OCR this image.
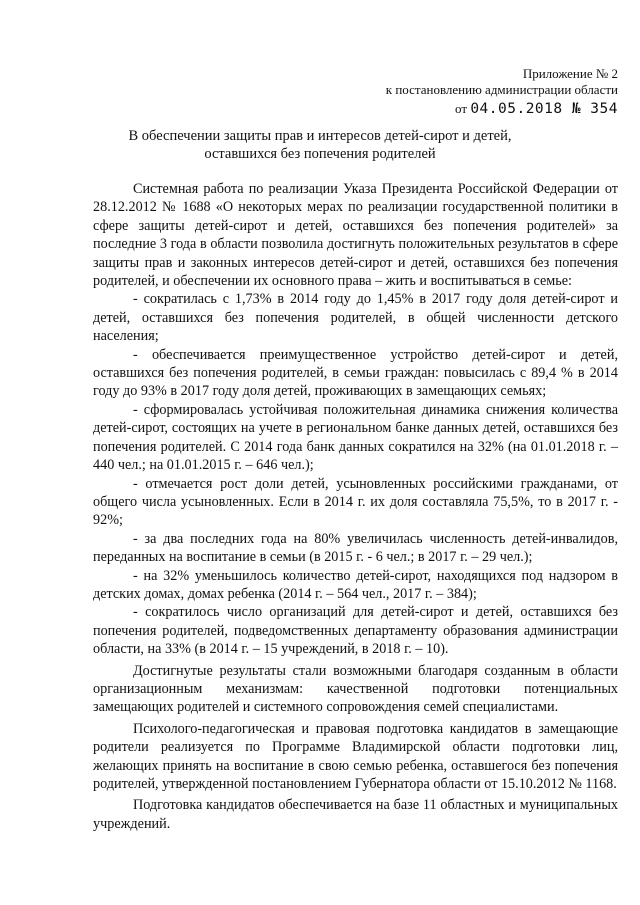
Приложение № 2
к постановлению администрации области
от 04.05.2018 № 354
В обеспечении защиты прав и интересов детей-сирот и детей,
оставшихся без попечения родителей

Системная работа по реализации Указа Президента Российской Федерации от 28.12.2012 № 1688 «О некоторых мерах по реализации государственной политики в сфере защиты детей-сирот и детей, оставшихся без попечения родителей» за последние 3 года в области позволила достигнуть положительных результатов в сфере защиты прав и законных интересов детей-сирот и детей, оставшихся без попечения родителей, и обеспечении их основного права – жить и воспитываться в семье:

- сократилась с 1,73% в 2014 году до 1,45% в 2017 году доля детей-сирот и детей, оставшихся без попечения родителей, в общей численности детского населения;

- обеспечивается преимущественное устройство детей-сирот и детей, оставшихся без попечения родителей, в семьи граждан: повысилась с 89,4 % в 2014 году до 93% в 2017 году доля детей, проживающих в замещающих семьях;

- сформировалась устойчивая положительная динамика снижения количества детей-сирот, состоящих на учете в региональном банке данных детей, оставшихся без попечения родителей. С 2014 года банк данных сократился на 32% (на 01.01.2018 г. – 440 чел.; на 01.01.2015 г. – 646 чел.);

- отмечается рост доли детей, усыновленных российскими гражданами, от общего числа усыновленных. Если в 2014 г. их доля составляла 75,5%, то в 2017 г. - 92%;

- за два последних года на 80% увеличилась численность детей-инвалидов, переданных на воспитание в семьи (в 2015 г. - 6 чел.; в 2017 г. – 29 чел.);

- на 32% уменьшилось количество детей-сирот, находящихся под надзором в детских домах, домах ребенка (2014 г. – 564 чел., 2017 г. – 384);

- сократилось число организаций для детей-сирот и детей, оставшихся без попечения родителей, подведомственных департаменту образования администрации области, на 33% (в 2014 г. – 15 учреждений, в 2018 г. – 10).

Достигнутые результаты стали возможными благодаря созданным в области организационным механизмам: качественной подготовки потенциальных замещающих родителей и системного сопровождения семей специалистами.

Психолого-педагогическая и правовая подготовка кандидатов в замещающие родители реализуется по Программе Владимирской области подготовки лиц, желающих принять на воспитание в свою семью ребенка, оставшегося без попечения родителей, утвержденной постановлением Губернатора области от 15.10.2012 № 1168.

Подготовка кандидатов обеспечивается на базе 11 областных и муниципальных учреждений.
